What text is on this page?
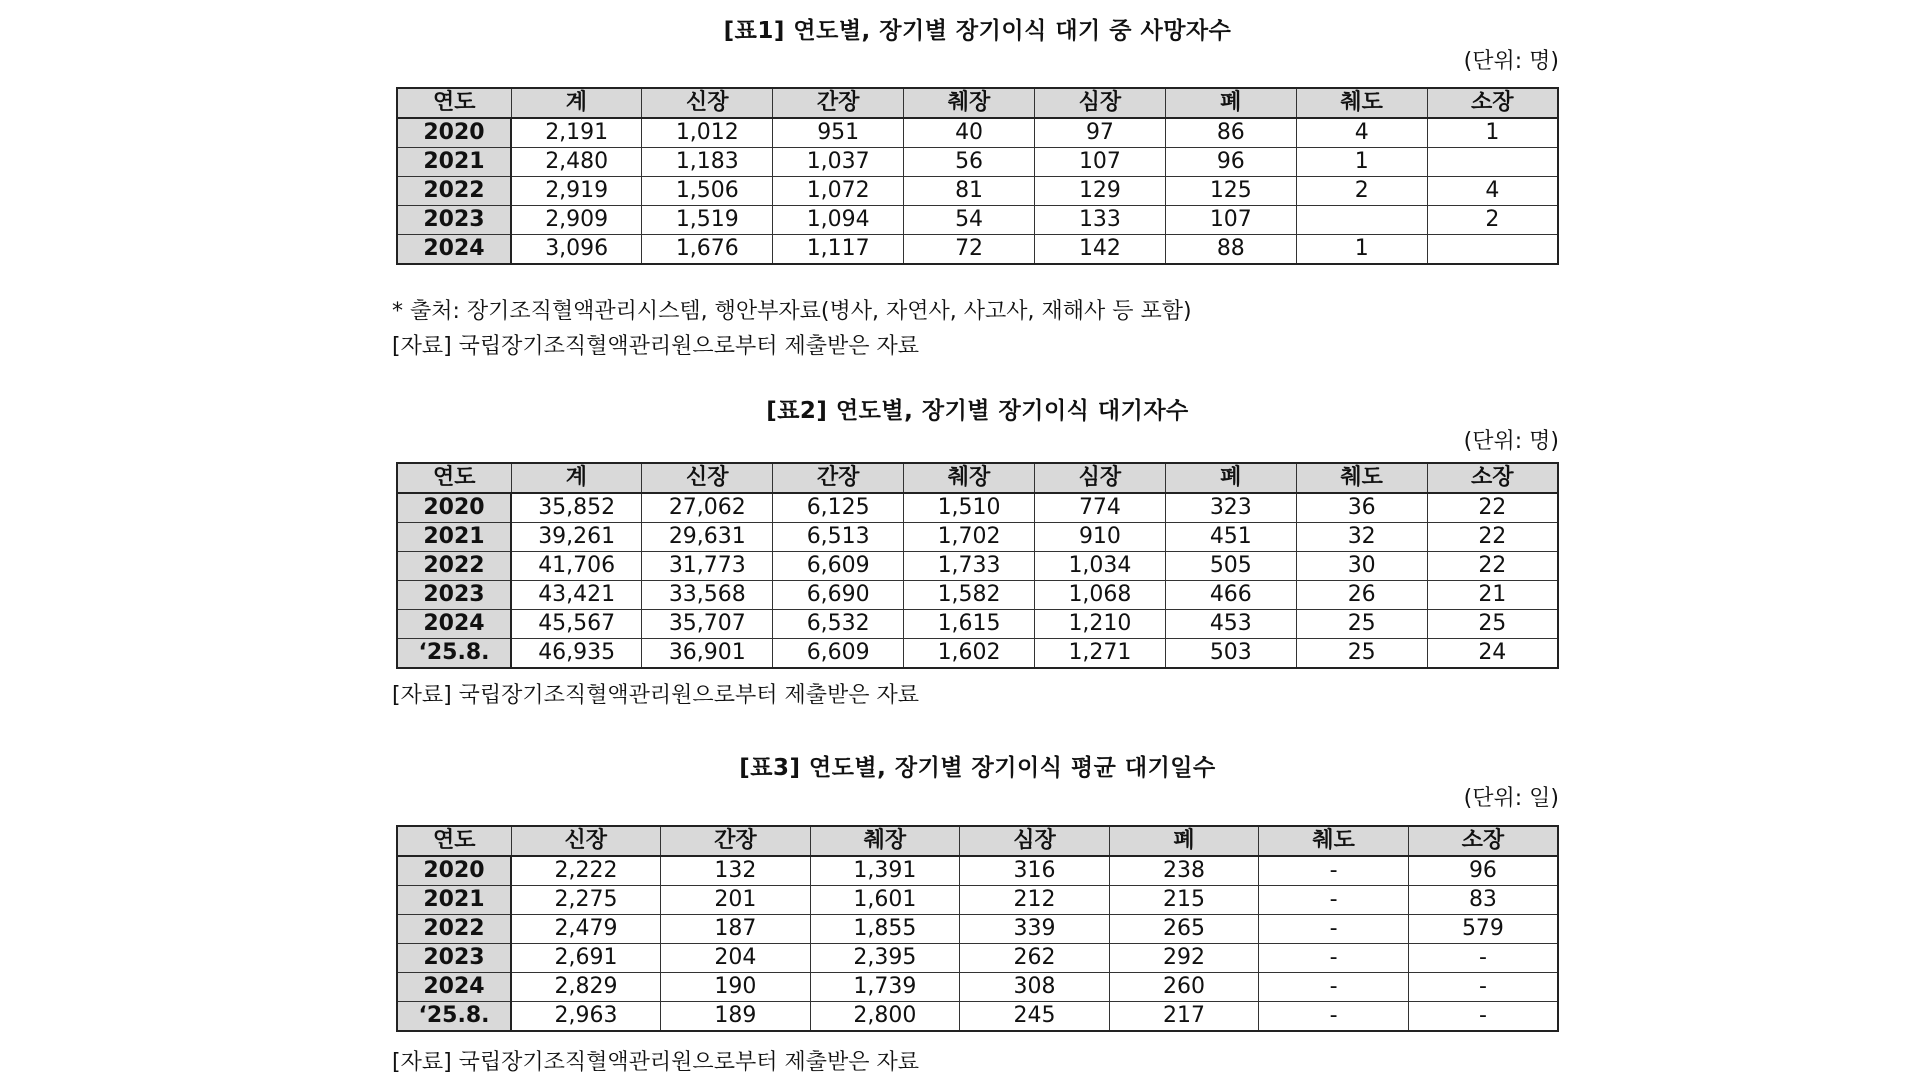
[표1] 연도별, 장기별 장기이식 대기 중 사망자수
(단위: 명)
연도	계	신장	간장	췌장	심장	폐	췌도	소장
2020	2,191	1,012	951	40	97	86	4	1
2021	2,480	1,183	1,037	56	107	96	1	
2022	2,919	1,506	1,072	81	129	125	2	4
2023	2,909	1,519	1,094	54	133	107		2
2024	3,096	1,676	1,117	72	142	88	1	
* 출처: 장기조직혈액관리시스템, 행안부자료(병사, 자연사, 사고사, 재해사 등 포함)
[자료] 국립장기조직혈액관리원으로부터 제출받은 자료
[표2] 연도별, 장기별 장기이식 대기자수
(단위: 명)
연도	계	신장	간장	췌장	심장	폐	췌도	소장
2020	35,852	27,062	6,125	1,510	774	323	36	22
2021	39,261	29,631	6,513	1,702	910	451	32	22
2022	41,706	31,773	6,609	1,733	1,034	505	30	22
2023	43,421	33,568	6,690	1,582	1,068	466	26	21
2024	45,567	35,707	6,532	1,615	1,210	453	25	25
‘25.8.	46,935	36,901	6,609	1,602	1,271	503	25	24
[자료] 국립장기조직혈액관리원으로부터 제출받은 자료
[표3] 연도별, 장기별 장기이식 평균 대기일수
(단위: 일)
연도	신장	간장	췌장	심장	폐	췌도	소장
2020	2,222	132	1,391	316	238	-	96
2021	2,275	201	1,601	212	215	-	83
2022	2,479	187	1,855	339	265	-	579
2023	2,691	204	2,395	262	292	-	-
2024	2,829	190	1,739	308	260	-	-
‘25.8.	2,963	189	2,800	245	217	-	-
[자료] 국립장기조직혈액관리원으로부터 제출받은 자료
